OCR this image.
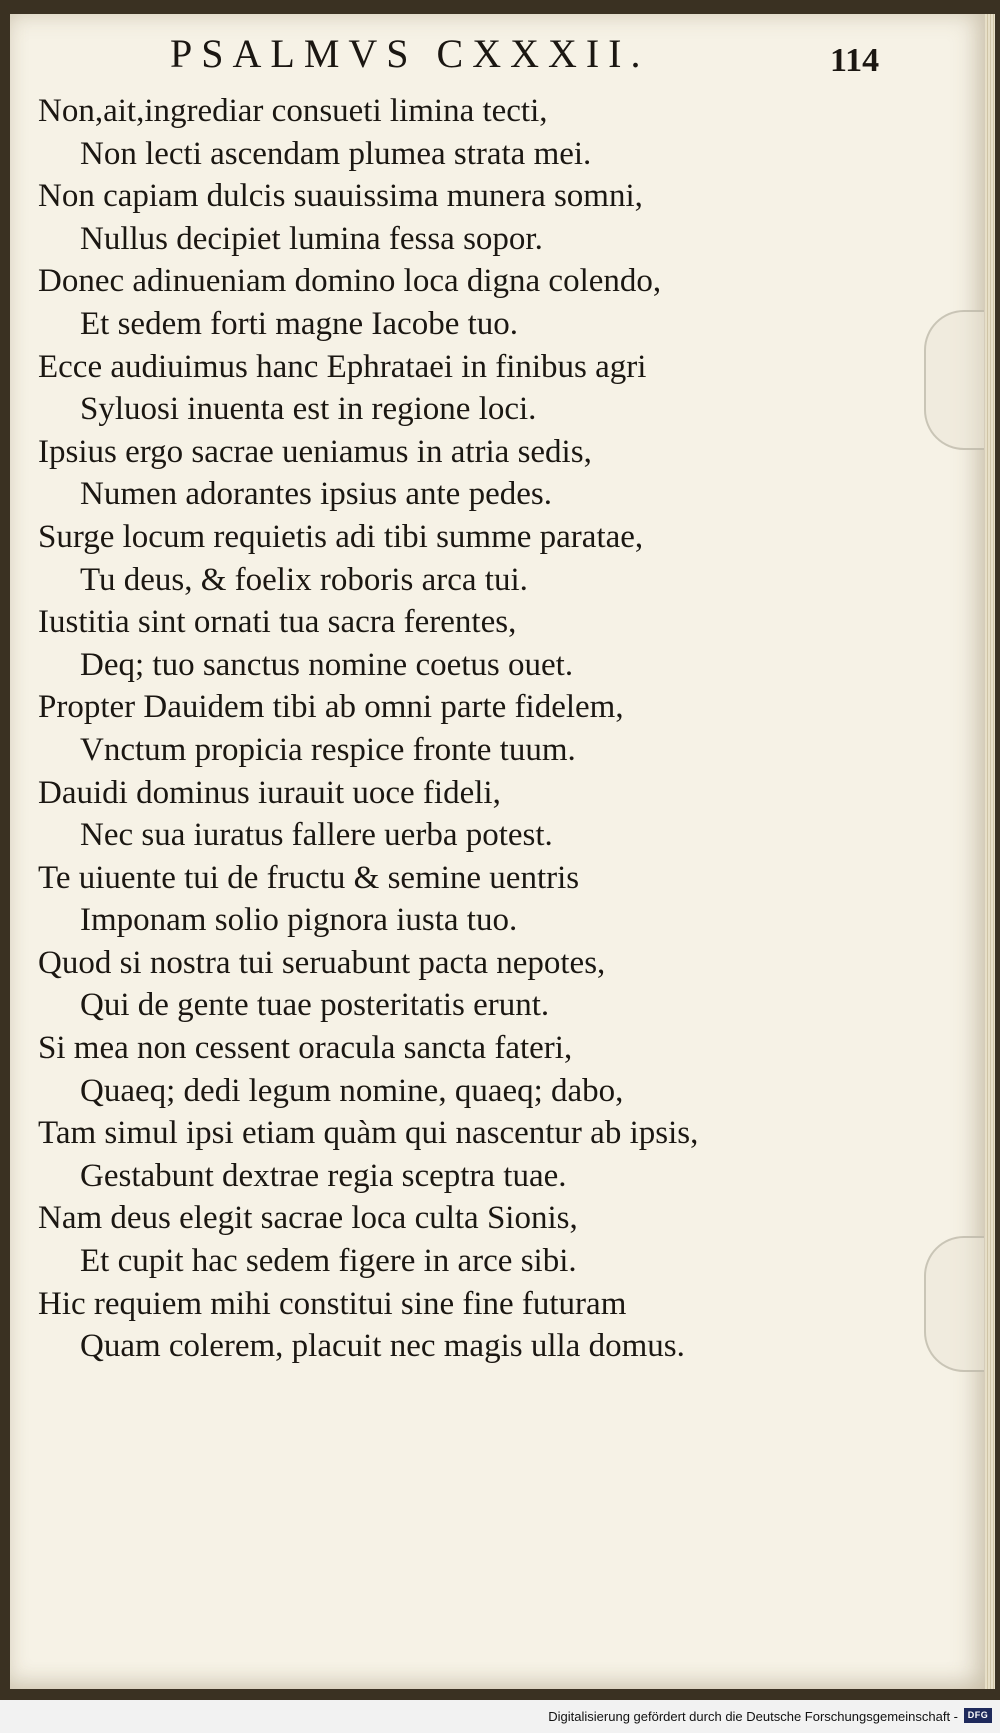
PSALMVS CXXXII.	114
Non,ait,ingrediar consueti limina tecti,
Non lecti ascendam plumea strata mei.
Non capiam dulcis suauissima munera somni,
Nullus decipiet lumina fessa sopor.
Donec adinueniam domino loca digna colendo,
Et sedem forti magne Iacobe tuo.
Ecce audiuimus hanc Ephrataei in finibus agri
Syluosi inuenta est in regione loci.
Ipsius ergo sacrae ueniamus in atria sedis,
Numen adorantes ipsius ante pedes.
Surge locum requietis adi tibi summe paratae,
Tu deus, & foelix roboris arca tui.
Iustitia sint ornati tua sacra ferentes,
Deq; tuo sanctus nomine coetus ouet.
Propter Dauidem tibi ab omni parte fidelem,
Vnctum propicia respice fronte tuum.
Dauidi dominus iurauit uoce fideli,
Nec sua iuratus fallere uerba potest.
Te uiuente tui de fructu & semine uentris
Imponam solio pignora iusta tuo.
Quod si nostra tui seruabunt pacta nepotes,
Qui de gente tuae posteritatis erunt.
Si mea non cessent oracula sancta fateri,
Quaeq; dedi legum nomine, quaeq; dabo,
Tam simul ipsi etiam quàm qui nascentur ab ipsis,
Gestabunt dextrae regia sceptra tuae.
Nam deus elegit sacrae loca culta Sionis,
Et cupit hac sedem figere in arce sibi.
Hic requiem mihi constitui sine fine futuram
Quam colerem, placuit nec magis ulla domus.
Digitalisierung gefördert durch die Deutsche Forschungsgemeinschaft -	DFG
